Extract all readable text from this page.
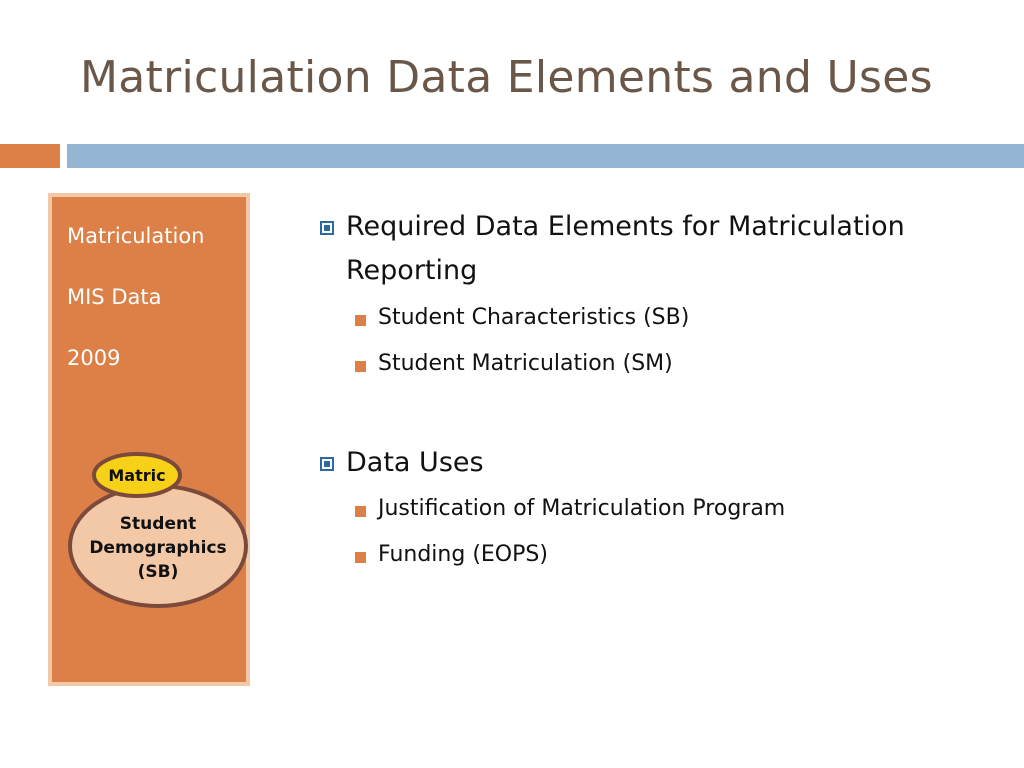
Matriculation Data Elements and Uses
Matriculation
MIS Data
2009
Student
Demographics
(SB)
Matric
Required Data Elements for Matriculation
Reporting
Student Characteristics (SB)
Student Matriculation (SM)
Data Uses
Justification of Matriculation Program
Funding (EOPS)
